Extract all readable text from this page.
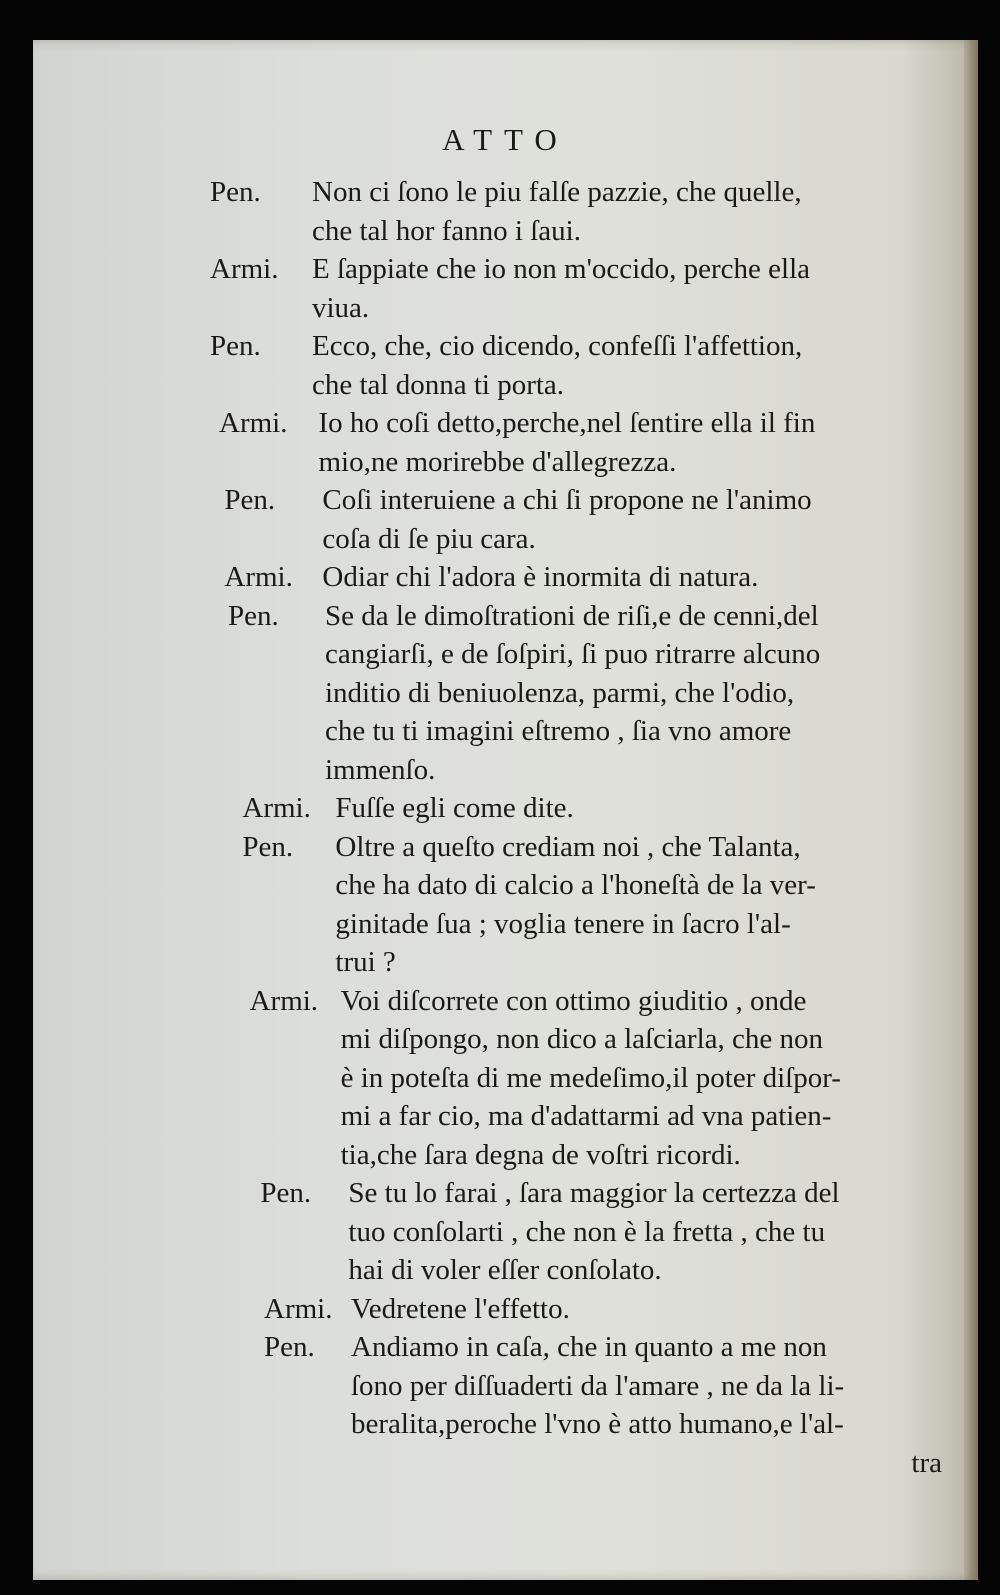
ATTO
Pen.	Non ci ſono le piu falſe pazzie, che quelle,
che tal hor fanno i ſaui.
Armi.	E ſappiate che io non m'occido, perche ella
viua.
Pen.	Ecco, che, cio dicendo, confeſſi l'affettion,
che tal donna ti porta.
Armi.	Io ho coſi detto,perche,nel ſentire ella il fin
mio,ne morirebbe d'allegrezza.
Pen.	Coſi interuiene a chi ſi propone ne l'animo
coſa di ſe piu cara.
Armi.	Odiar chi l'adora è inormita di natura.
Pen.	Se da le dimoſtrationi de riſi,e de cenni,del
cangiarſi, e de ſoſpiri, ſi puo ritrarre alcuno
inditio di beniuolenza, parmi, che l'odio,
che tu ti imagini eſtremo , ſia vno amore
immenſo.
Armi. Fuſſe egli come dite.
Pen.	Oltre a queſto crediam noi , che Talanta,
che ha dato di calcio a l'honeſtà de la ver-
ginitade ſua ; voglia tenere in ſacro l'al-
trui ?
Armi. Voi diſcorrete con ottimo giuditio , onde
mi diſpongo, non dico a laſciarla, che non
è in poteſta di me medeſimo,il poter diſpor-
mi a far cio, ma d'adattarmi ad vna patien-
tia,che ſara degna de voſtri ricordi.
Pen.	Se tu lo farai , ſara maggior la certezza del
tuo conſolarti , che non è la fretta , che tu
hai di voler eſſer conſolato.
Armi. Vedretene l'effetto.
Pen.	Andiamo in caſa, che in quanto a me non
ſono per diſſuaderti da l'amare , ne da la li-
beralita,peroche l'vno è atto humano,e l'al-
tra
